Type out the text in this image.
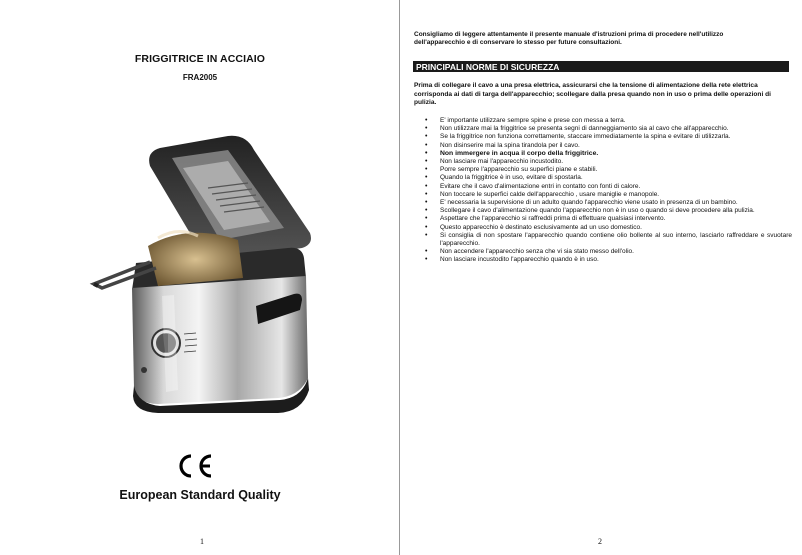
FRIGGITRICE IN ACCIAIO
FRA2005
European Standard Quality
1
Consigliamo di leggere attentamente il presente manuale d'istruzioni prima di procedere nell'utilizzo dell'apparecchio e di conservare lo stesso per future consultazioni.
PRINCIPALI NORME DI SICUREZZA
Prima di collegare il cavo a una presa elettrica, assicurarsi che la tensione di alimentazione della rete elettrica corrisponda ai dati di targa dell'apparecchio; scollegare dalla presa quando non in uso o prima delle operazioni di pulizia.
• E' importante utilizzare sempre spine e prese con messa a terra.
• Non utilizzare mai la friggitrice se presenta segni di danneggiamento sia al cavo che all'apparecchio.
• Se la friggitrice non funziona correttamente, staccare immediatamente la spina e evitare di utilizzarla.
• Non disinserire mai la spina tirandola per il cavo.
• Non immergere in acqua il corpo della friggitrice.
• Non lasciare mai l'apparecchio incustodito.
• Porre sempre l'apparecchio su superfici piane e stabili.
• Quando la friggitrice è in uso, evitare di spostarla.
• Evitare che il cavo d'alimentazione entri in contatto con fonti di calore.
• Non toccare le superfici calde dell'apparecchio , usare maniglie e manopole.
• E' necessaria la supervisione di un adulto quando l'apparecchio viene usato in presenza di un bambino.
• Scollegare il cavo d'alimentazione quando l'apparecchio non è in uso o quando si deve procedere alla pulizia.
• Aspettare che l'apparecchio si raffreddi prima di effettuare qualsiasi intervento.
• Questo apparecchio è destinato esclusivamente ad un uso domestico.
• Si consiglia di non spostare l'apparecchio quando contiene olio bollente al suo interno, lasciarlo raffreddare e svuotare l'apparecchio.
• Non accendere l'apparecchio senza che vi sia stato messo dell'olio.
• Non lasciare incustodito l'apparecchio quando è in uso.
2
